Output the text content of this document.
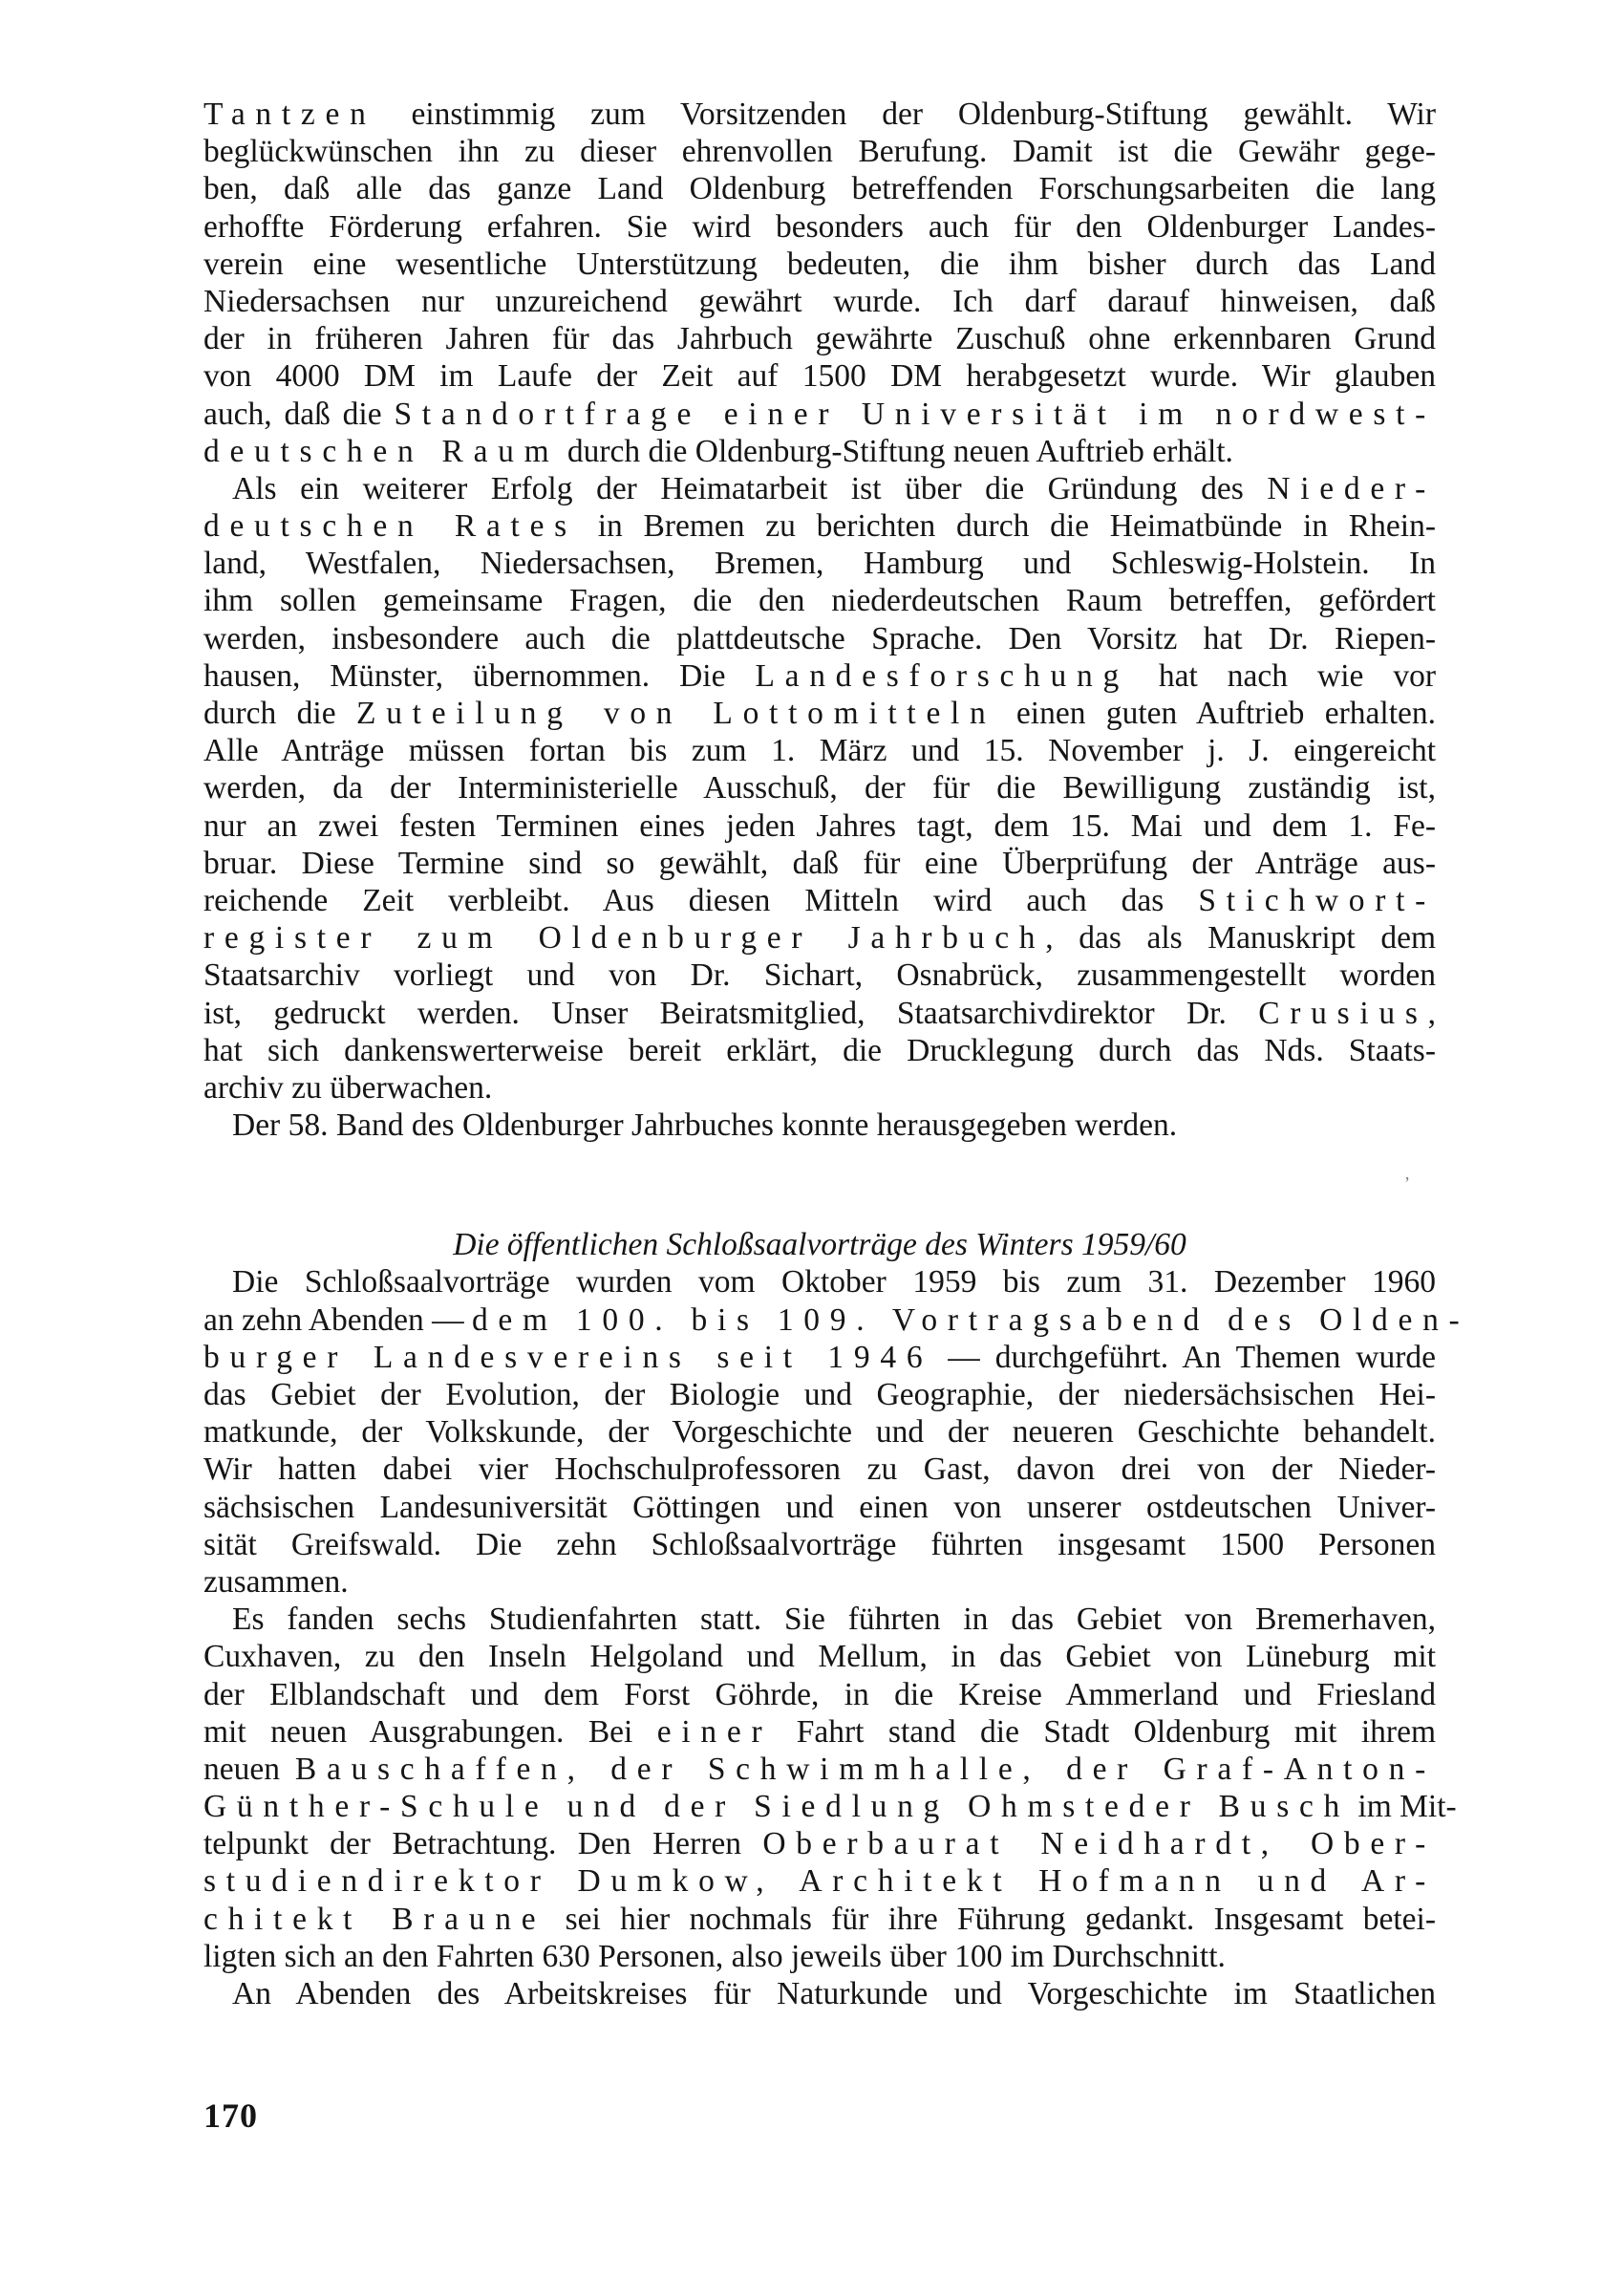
Tantzen einstimmig zum Vorsitzenden der Oldenburg-Stiftung gewählt. Wir
beglückwünschen ihn zu dieser ehrenvollen Berufung. Damit ist die Gewähr gege-
ben, daß alle das ganze Land Oldenburg betreffenden Forschungsarbeiten die lang
erhoffte Förderung erfahren. Sie wird besonders auch für den Oldenburger Landes-
verein eine wesentliche Unterstützung bedeuten, die ihm bisher durch das Land
Niedersachsen nur unzureichend gewährt wurde. Ich darf darauf hinweisen, daß
der in früheren Jahren für das Jahrbuch gewährte Zuschuß ohne erkennbaren Grund
von 4000 DM im Laufe der Zeit auf 1500 DM herabgesetzt wurde. Wir glauben
auch, daß die Standortfrage einer Universität im nordwest-
deutschen Raum durch die Oldenburg-Stiftung neuen Auftrieb erhält.
Als ein weiterer Erfolg der Heimatarbeit ist über die Gründung des Nieder-
deutschen Rates in Bremen zu berichten durch die Heimatbünde in Rhein-
land, Westfalen, Niedersachsen, Bremen, Hamburg und Schleswig-Holstein. In
ihm sollen gemeinsame Fragen, die den niederdeutschen Raum betreffen, gefördert
werden, insbesondere auch die plattdeutsche Sprache. Den Vorsitz hat Dr. Riepen-
hausen, Münster, übernommen. Die Landesforschung hat nach wie vor
durch die Zuteilung von Lottomitteln einen guten Auftrieb erhalten.
Alle Anträge müssen fortan bis zum 1. März und 15. November j. J. eingereicht
werden, da der Interministerielle Ausschuß, der für die Bewilligung zuständig ist,
nur an zwei festen Terminen eines jeden Jahres tagt, dem 15. Mai und dem 1. Fe-
bruar. Diese Termine sind so gewählt, daß für eine Überprüfung der Anträge aus-
reichende Zeit verbleibt. Aus diesen Mitteln wird auch das Stichwort-
register zum Oldenburger Jahrbuch, das als Manuskript dem
Staatsarchiv vorliegt und von Dr. Sichart, Osnabrück, zusammengestellt worden
ist, gedruckt werden. Unser Beiratsmitglied, Staatsarchivdirektor Dr. Crusius,
hat sich dankenswerterweise bereit erklärt, die Drucklegung durch das Nds. Staats-
archiv zu überwachen.
Der 58. Band des Oldenburger Jahrbuches konnte herausgegeben werden.
Die öffentlichen Schloßsaalvorträge des Winters 1959/60
Die Schloßsaalvorträge wurden vom Oktober 1959 bis zum 31. Dezember 1960
an zehn Abenden — dem 100. bis 109. Vortragsabend des Olden-
burger Landesvereins seit 1946 — durchgeführt. An Themen wurde
das Gebiet der Evolution, der Biologie und Geographie, der niedersächsischen Hei-
matkunde, der Volkskunde, der Vorgeschichte und der neueren Geschichte behandelt.
Wir hatten dabei vier Hochschulprofessoren zu Gast, davon drei von der Nieder-
sächsischen Landesuniversität Göttingen und einen von unserer ostdeutschen Univer-
sität Greifswald. Die zehn Schloßsaalvorträge führten insgesamt 1500 Personen
zusammen.
Es fanden sechs Studienfahrten statt. Sie führten in das Gebiet von Bremerhaven,
Cuxhaven, zu den Inseln Helgoland und Mellum, in das Gebiet von Lüneburg mit
der Elblandschaft und dem Forst Göhrde, in die Kreise Ammerland und Friesland
mit neuen Ausgrabungen. Bei einer Fahrt stand die Stadt Oldenburg mit ihrem
neuen Bauschaffen, der Schwimmhalle, der Graf-Anton-
Günther-Schule und der Siedlung Ohmsteder Busch im Mit-
telpunkt der Betrachtung. Den Herren Oberbaurat Neidhardt, Ober-
studiendirektor Dumkow, Architekt Hofmann und Ar-
chitekt Braune sei hier nochmals für ihre Führung gedankt. Insgesamt betei-
ligten sich an den Fahrten 630 Personen, also jeweils über 100 im Durchschnitt.
An Abenden des Arbeitskreises für Naturkunde und Vorgeschichte im Staatlichen
170
ʼ
